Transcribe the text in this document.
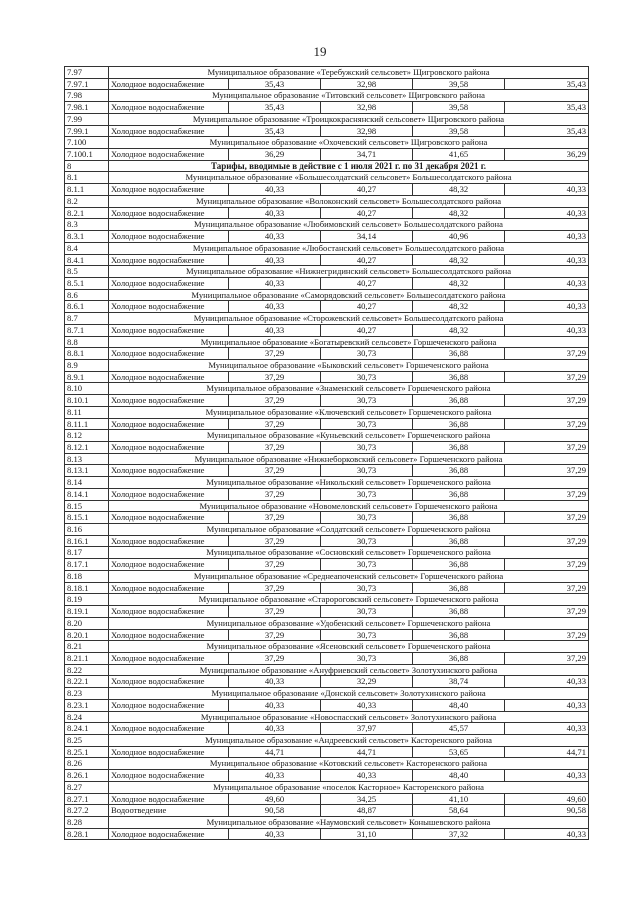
19
7.97	Муниципальное образование «Теребужский сельсовет» Щигровского района
7.97.1	Холодное водоснабжение	35,43	32,98	39,58	35,43
7.98	Муниципальное образование «Титовский сельсовет» Щигровского района
7.98.1	Холодное водоснабжение	35,43	32,98	39,58	35,43
7.99	Муниципальное образование «Троицкокраснянский сельсовет» Щигровского района
7.99.1	Холодное водоснабжение	35,43	32,98	39,58	35,43
7.100	Муниципальное образование «Охочевский сельсовет» Щигровского района
7.100.1	Холодное водоснабжение	36,29	34,71	41,65	36,29
8	Тарифы, вводимые в действие с 1 июля 2021 г. по 31 декабря 2021 г.
8.1	Муниципальное образование «Большесолдатский сельсовет» Большесолдатского района
8.1.1	Холодное водоснабжение	40,33	40,27	48,32	40,33
8.2	Муниципальное образование «Волоконский сельсовет» Большесолдатского района
8.2.1	Холодное водоснабжение	40,33	40,27	48,32	40,33
8.3	Муниципальное образование «Любимовский сельсовет» Большесолдатского района
8.3.1	Холодное водоснабжение	40,33	34,14	40,96	40,33
8.4	Муниципальное образование «Любостанский сельсовет» Большесолдатского района
8.4.1	Холодное водоснабжение	40,33	40,27	48,32	40,33
8.5	Муниципальное образование «Нижнегридинский сельсовет» Большесолдатского района
8.5.1	Холодное водоснабжение	40,33	40,27	48,32	40,33
8.6	Муниципальное образование «Саморядовский сельсовет» Большесолдатского района
8.6.1	Холодное водоснабжение	40,33	40,27	48,32	40,33
8.7	Муниципальное образование «Сторожевский сельсовет» Большесолдатского района
8.7.1	Холодное водоснабжение	40,33	40,27	48,32	40,33
8.8	Муниципальное образование «Богатыревский сельсовет» Горшеченского района
8.8.1	Холодное водоснабжение	37,29	30,73	36,88	37,29
8.9	Муниципальное образование «Быковский сельсовет» Горшеченского района
8.9.1	Холодное водоснабжение	37,29	30,73	36,88	37,29
8.10	Муниципальное образование «Знаменский сельсовет» Горшеченского района
8.10.1	Холодное водоснабжение	37,29	30,73	36,88	37,29
8.11	Муниципальное образование «Ключевский сельсовет» Горшеченского района
8.11.1	Холодное водоснабжение	37,29	30,73	36,88	37,29
8.12	Муниципальное образование «Куньевский сельсовет» Горшеченского района
8.12.1	Холодное водоснабжение	37,29	30,73	36,88	37,29
8.13	Муниципальное образование «Нижнеборковский сельсовет» Горшеченского района
8.13.1	Холодное водоснабжение	37,29	30,73	36,88	37,29
8.14	Муниципальное образование «Никольский сельсовет» Горшеченского района
8.14.1	Холодное водоснабжение	37,29	30,73	36,88	37,29
8.15	Муниципальное образование «Новомеловский сельсовет» Горшеченского района
8.15.1	Холодное водоснабжение	37,29	30,73	36,88	37,29
8.16	Муниципальное образование «Солдатский сельсовет» Горшеченского района
8.16.1	Холодное водоснабжение	37,29	30,73	36,88	37,29
8.17	Муниципальное образование «Сосновский сельсовет» Горшеченского района
8.17.1	Холодное водоснабжение	37,29	30,73	36,88	37,29
8.18	Муниципальное образование «Среднеапоченский сельсовет» Горшеченского района
8.18.1	Холодное водоснабжение	37,29	30,73	36,88	37,29
8.19	Муниципальное образование «Старороговский сельсовет» Горшеченского района
8.19.1	Холодное водоснабжение	37,29	30,73	36,88	37,29
8.20	Муниципальное образование «Удобенский сельсовет» Горшеченского района
8.20.1	Холодное водоснабжение	37,29	30,73	36,88	37,29
8.21	Муниципальное образование «Ясеновский сельсовет» Горшеченского района
8.21.1	Холодное водоснабжение	37,29	30,73	36,88	37,29
8.22	Муниципальное образование «Ануфриевский сельсовет» Золотухинского района
8.22.1	Холодное водоснабжение	40,33	32,29	38,74	40,33
8.23	Муниципальное образование «Донской сельсовет» Золотухинского района
8.23.1	Холодное водоснабжение	40,33	40,33	48,40	40,33
8.24	Муниципальное образование «Новоспасский сельсовет» Золотухинского района
8.24.1	Холодное водоснабжение	40,33	37,97	45,57	40,33
8.25	Муниципальное образование «Андреевский сельсовет» Касторенского района
8.25.1	Холодное водоснабжение	44,71	44,71	53,65	44,71
8.26	Муниципальное образование «Котовский сельсовет» Касторенского района
8.26.1	Холодное водоснабжение	40,33	40,33	48,40	40,33
8.27	Муниципальное образование «поселок Касторное» Касторенского района
8.27.1	Холодное водоснабжение	49,60	34,25	41,10	49,60
8.27.2	Водоотведение	90,58	48,87	58,64	90,58
8.28	Муниципальное образование «Наумовский сельсовет» Конышевского района
8.28.1	Холодное водоснабжение	40,33	31,10	37,32	40,33
